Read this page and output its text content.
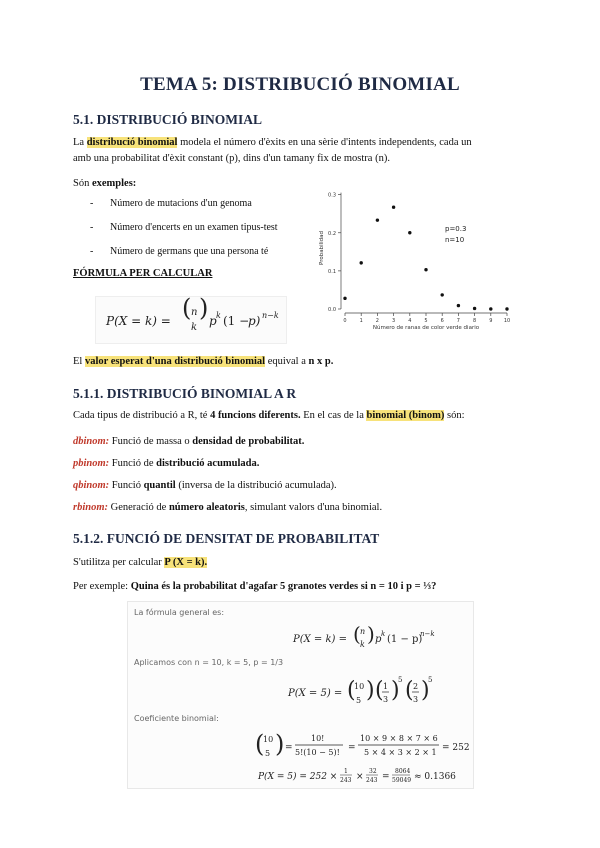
TEMA 5: DISTRIBUCIÓ BINOMIAL
5.1. DISTRIBUCIÓ BINOMIAL
La distribució binomial modela el número d'èxits en una sèrie d'intents independents, cada un
amb una probabilitat d'èxit constant (p), dins d'un tamany fix de mostra (n).
Són exemples:
- Número de mutacions d'un genoma
- Número d'encerts en un examen tipus-test
- Número de germans que una persona té
FÓRMULA PER CALCULAR
P(X = k) = ( n
k
) p k (1 −
p) n−k
0.0
0.1
0.2
0.3
0	1	2	3	4	5	6	7	8	9 10
Número de ranas de color verde diario
Probabilidad
p=0.3
n=10
El valor esperat d'una distribució binomial equival a n x p.
5.1.1. DISTRIBUCIÓ BINOMIAL A R
Cada tipus de distribució a R, té 4 funcions diferents. En el cas de la binomial (binom) són:
dbinom: Funció de massa o densidad de probabilitat.
pbinom: Funció de distribució acumulada.
qbinom: Funció quantil (inversa de la distribució acumulada).
rbinom: Generació de número aleatoris, simulant valors d'una binomial.
5.1.2. FUNCIÓ DE DENSITAT DE PROBABILITAT
S'utilitza per calcular P (X = k).
Per exemple: Quina és la probabilitat d'agafar 5 granotes verdes si n = 10 i p = ⅓?
La fórmula general es:
P(X = k) = ( n
k ) p k (1 − p)
n−k
P(X = 5) = (
10
5 ) ( 1
3 )
5 ( 2
3 )
5
(
10
5 ) =
10!
5!(10 − 5)! =
10 × 9 × 8 × 7 × 6
5 × 4 × 3 × 2 × 1 = 252
P(X = 5) = 252 ×
1
243 ×
32
243 =
8064
59049 ≈ 0.1366
Aplicamos con n = 10, k = 5, p = 1/3
Coeficiente binomial:
